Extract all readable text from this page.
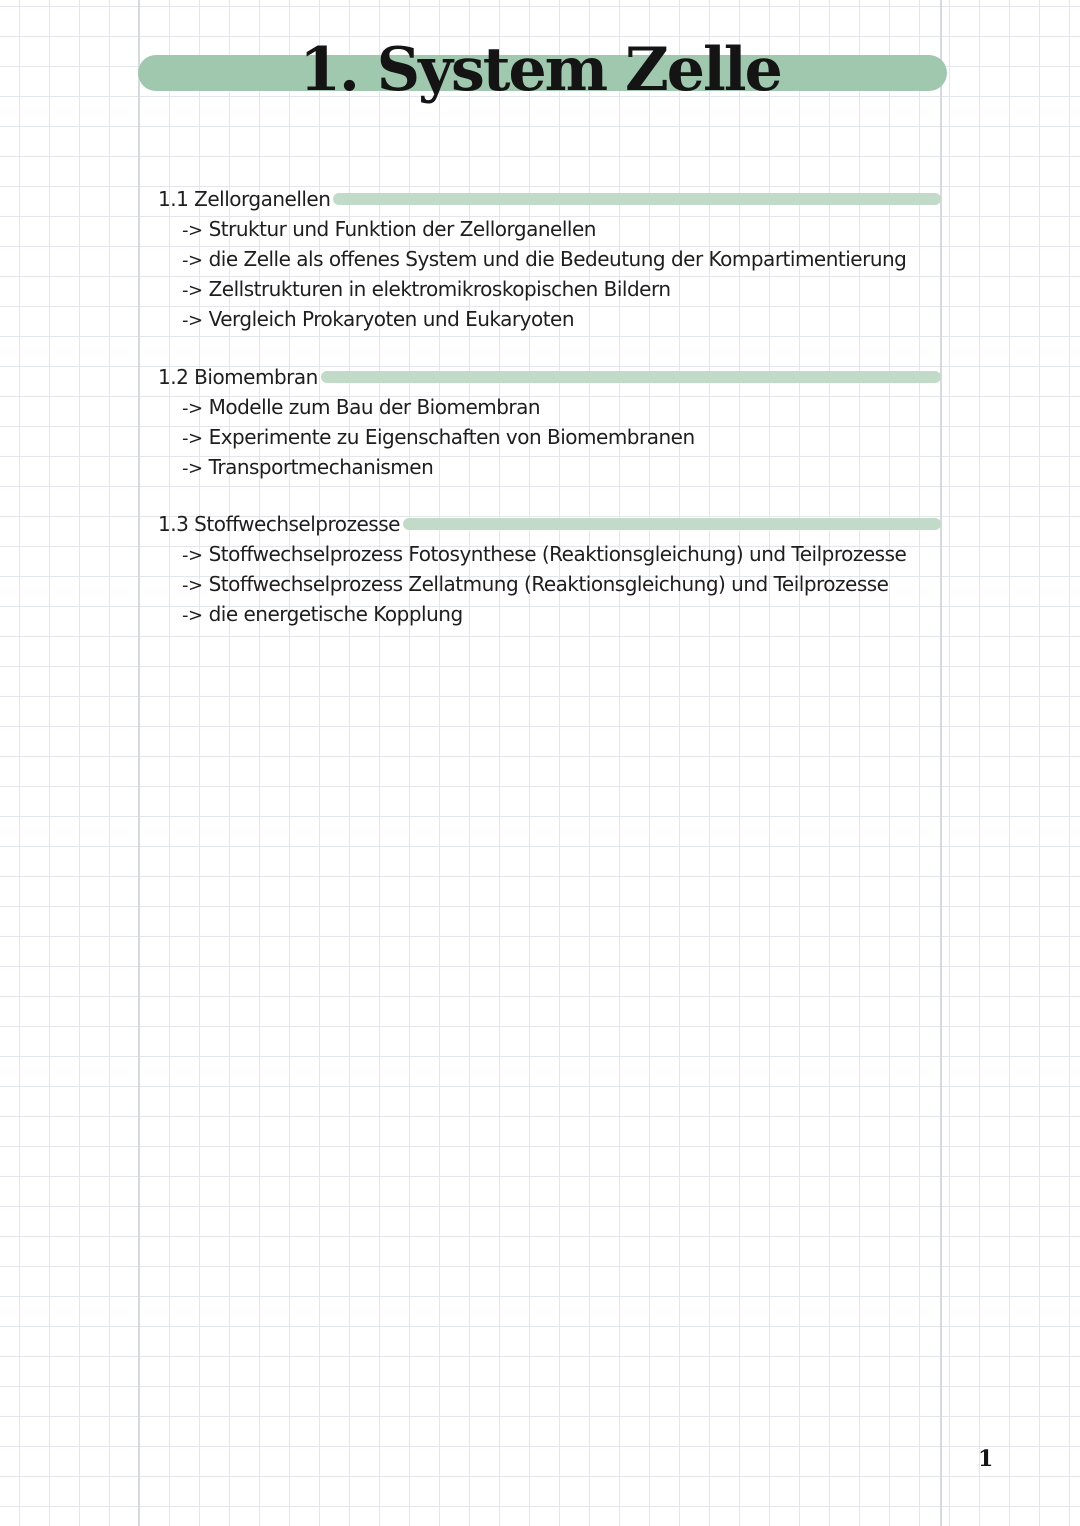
1. System Zelle
1.1 Zellorganellen
-> Struktur und Funktion der Zellorganellen
-> die Zelle als offenes System und die Bedeutung der Kompartimentierung
-> Zellstrukturen in elektromikroskopischen Bildern
-> Vergleich Prokaryoten und Eukaryoten
1.2 Biomembran
-> Modelle zum Bau der Biomembran
-> Experimente zu Eigenschaften von Biomembranen
-> Transportmechanismen
1.3 Stoffwechselprozesse
-> Stoffwechselprozess Fotosynthese (Reaktionsgleichung) und Teilprozesse
-> Stoffwechselprozess Zellatmung (Reaktionsgleichung) und Teilprozesse
-> die energetische Kopplung
1
